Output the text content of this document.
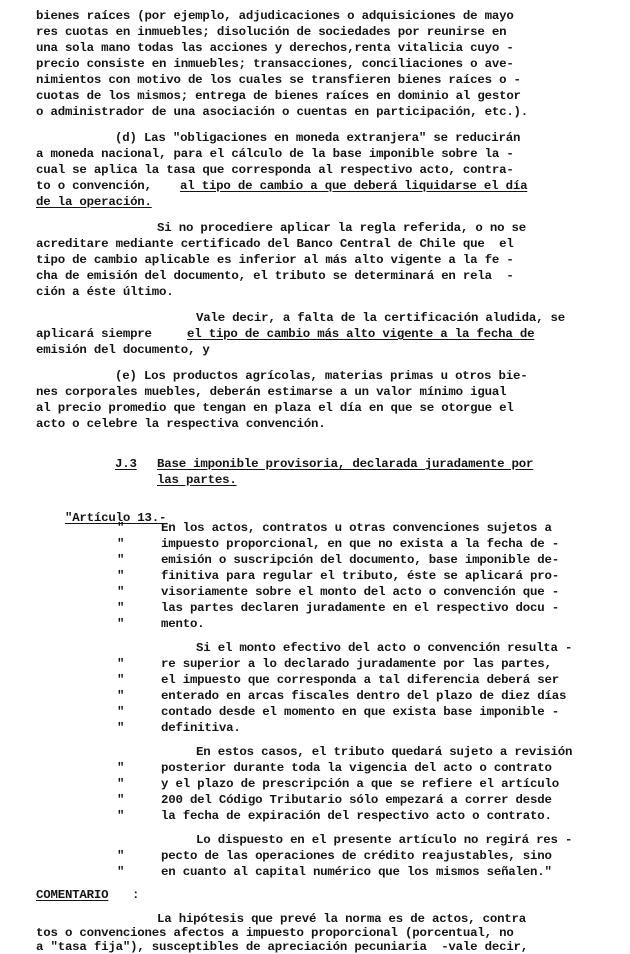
bienes raíces (por ejemplo, adjudicaciones o adquisiciones de mayo
res cuotas en inmuebles; disolución de sociedades por reunirse en
una sola mano todas las acciones y derechos,renta vitalicia cuyo -
precio consiste en inmuebles; transacciones, conciliaciones o ave-
nimientos con motivo de los cuales se transfieren bienes raíces o -
cuotas de los mismos; entrega de bienes raíces en dominio al gestor
o administrador de una asociación o cuentas en participación, etc.).
(d) Las "obligaciones en moneda extranjera" se reducirán
a moneda nacional, para el cálculo de la base imponible sobre la -
cual se aplica la tasa que corresponda al respectivo acto, contra-
to o convención, al tipo de cambio a que deberá liquidarse el día
de la operación.
Si no procediere aplicar la regla referida, o no se
acreditare mediante certificado del Banco Central de Chile que  el
tipo de cambio aplicable es inferior al más alto vigente a la fe -
cha de emisión del documento, el tributo se determinará en rela  -
ción a éste último.
Vale decir, a falta de la certificación aludida, se
aplicará siempre	el tipo de cambio más alto vigente a la fecha de
emisión del documento, y
(e) Los productos agrícolas, materias primas u otros bie-
nes corporales muebles, deberán estimarse a un valor mínimo igual
al precio promedio que tengan en plaza el día en que se otorgue el
acto o celebre la respectiva convención.
J.3 Base imponible provisoria, declarada juradamente por
las partes.

"Artículo 13.-

En los actos, contratos u otras convenciones sujetos a
impuesto proporcional, en que no exista a la fecha de -
emisión o suscripción del documento, base imponible de-
finitiva para regular el tributo, éste se aplicará pro-
visoriamente sobre el monto del acto o convención que -
las partes declaren juradamente en el respectivo docu -
mento.
Si el monto efectivo del acto o convención resulta -
re superior a lo declarado juradamente por las partes,
el impuesto que corresponda a tal diferencia deberá ser
enterado en arcas fiscales dentro del plazo de diez días
contado desde el momento en que exista base imponible -
definitiva.
En estos casos, el tributo quedará sujeto a revisión
posterior durante toda la vigencia del acto o contrato
y el plazo de prescripción a que se refiere el artículo
200 del Código Tributario sólo empezará a correr desde
la fecha de expiración del respectivo acto o contrato.
Lo dispuesto en el presente artículo no regirá res -
pecto de las operaciones de crédito reajustables, sino
en cuanto al capital numérico que los mismos señalen."
"
"
"
"
"
"
"
"
"
"
"
"
"
"
"
"
"
"
COMENTARIO :
La hipótesis que prevé la norma es de actos, contra
tos o convenciones afectos a impuesto proporcional (porcentual, no
a "tasa fija"), susceptibles de apreciación pecuniaria  -vale decir,
